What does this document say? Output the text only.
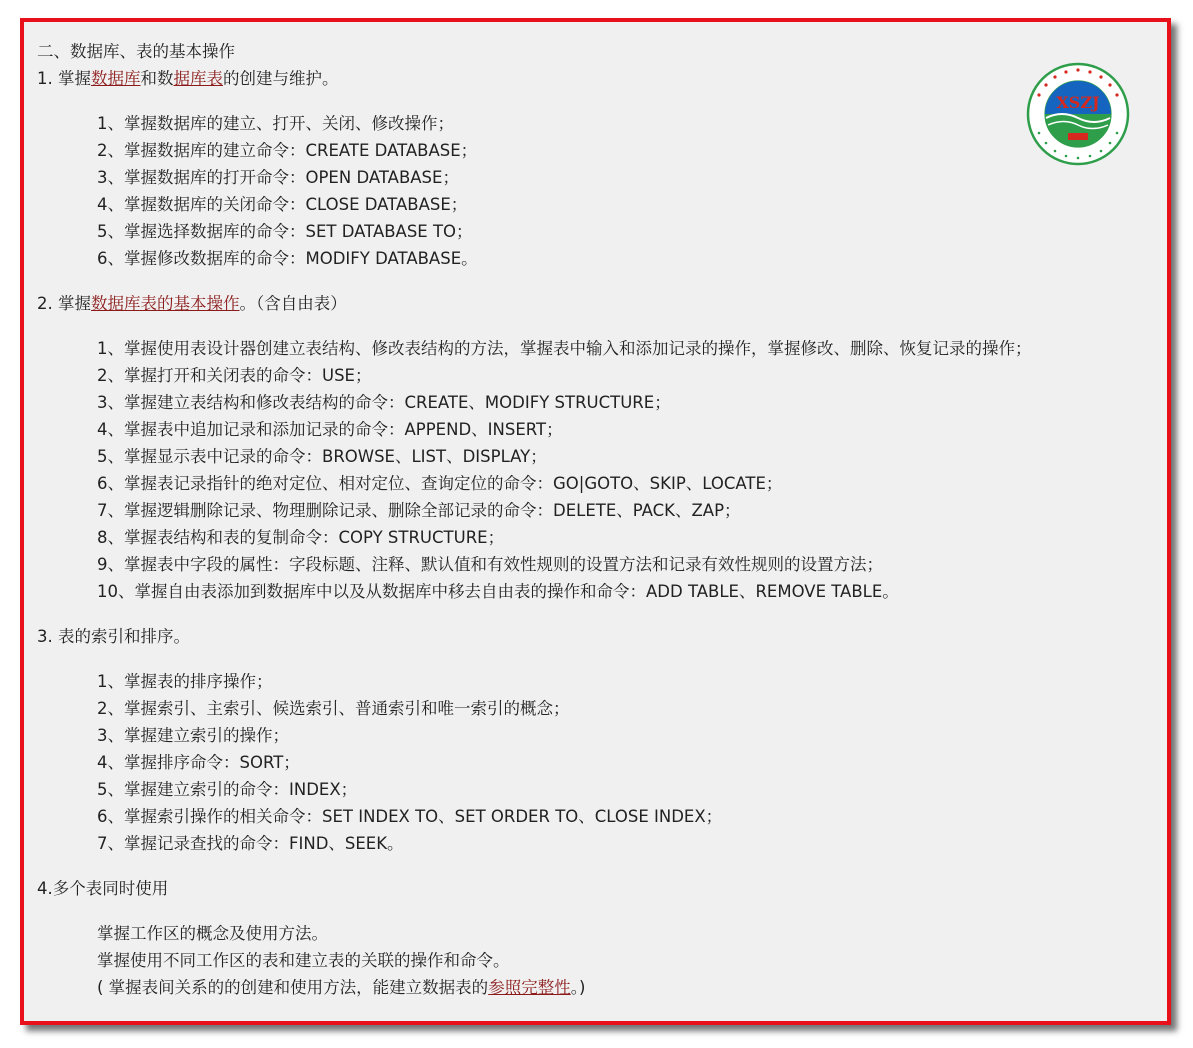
二、数据库、表的基本操作
1. 掌握数据库和数据库表的创建与维护。
1、掌握数据库的建立、打开、关闭、修改操作；
2、掌握数据库的建立命令：CREATE DATABASE；
3、掌握数据库的打开命令：OPEN DATABASE；
4、掌握数据库的关闭命令：CLOSE DATABASE；
5、掌握选择数据库的命令：SET DATABASE TO；
6、掌握修改数据库的命令：MODIFY DATABASE。
2. 掌握数据库表的基本操作。（含自由表）
1、掌握使用表设计器创建立表结构、修改表结构的方法，掌握表中输入和添加记录的操作，掌握修改、删除、恢复记录的操作；
2、掌握打开和关闭表的命令：USE；
3、掌握建立表结构和修改表结构的命令：CREATE、MODIFY STRUCTURE；
4、掌握表中追加记录和添加记录的命令：APPEND、INSERT；
5、掌握显示表中记录的命令：BROWSE、LIST、DISPLAY；
6、掌握表记录指针的绝对定位、相对定位、查询定位的命令：GO|GOTO、SKIP、LOCATE；
7、掌握逻辑删除记录、物理删除记录、删除全部记录的命令：DELETE、PACK、ZAP；
8、掌握表结构和表的复制命令：COPY STRUCTURE；
9、掌握表中字段的属性：字段标题、注释、默认值和有效性规则的设置方法和记录有效性规则的设置方法；
10、掌握自由表添加到数据库中以及从数据库中移去自由表的操作和命令：ADD TABLE、REMOVE TABLE。
3. 表的索引和排序。
1、掌握表的排序操作；
2、掌握索引、主索引、候选索引、普通索引和唯一索引的概念；
3、掌握建立索引的操作；
4、掌握排序命令：SORT；
5、掌握建立索引的命令：INDEX；
6、掌握索引操作的相关命令：SET INDEX TO、SET ORDER TO、CLOSE INDEX；
7、掌握记录查找的命令：FIND、SEEK。
4.多个表同时使用
掌握工作区的概念及使用方法。
掌握使用不同工作区的表和建立表的关联的操作和命令。
( 掌握表间关系的的创建和使用方法，能建立数据表的参照完整性。)
XSZJ
